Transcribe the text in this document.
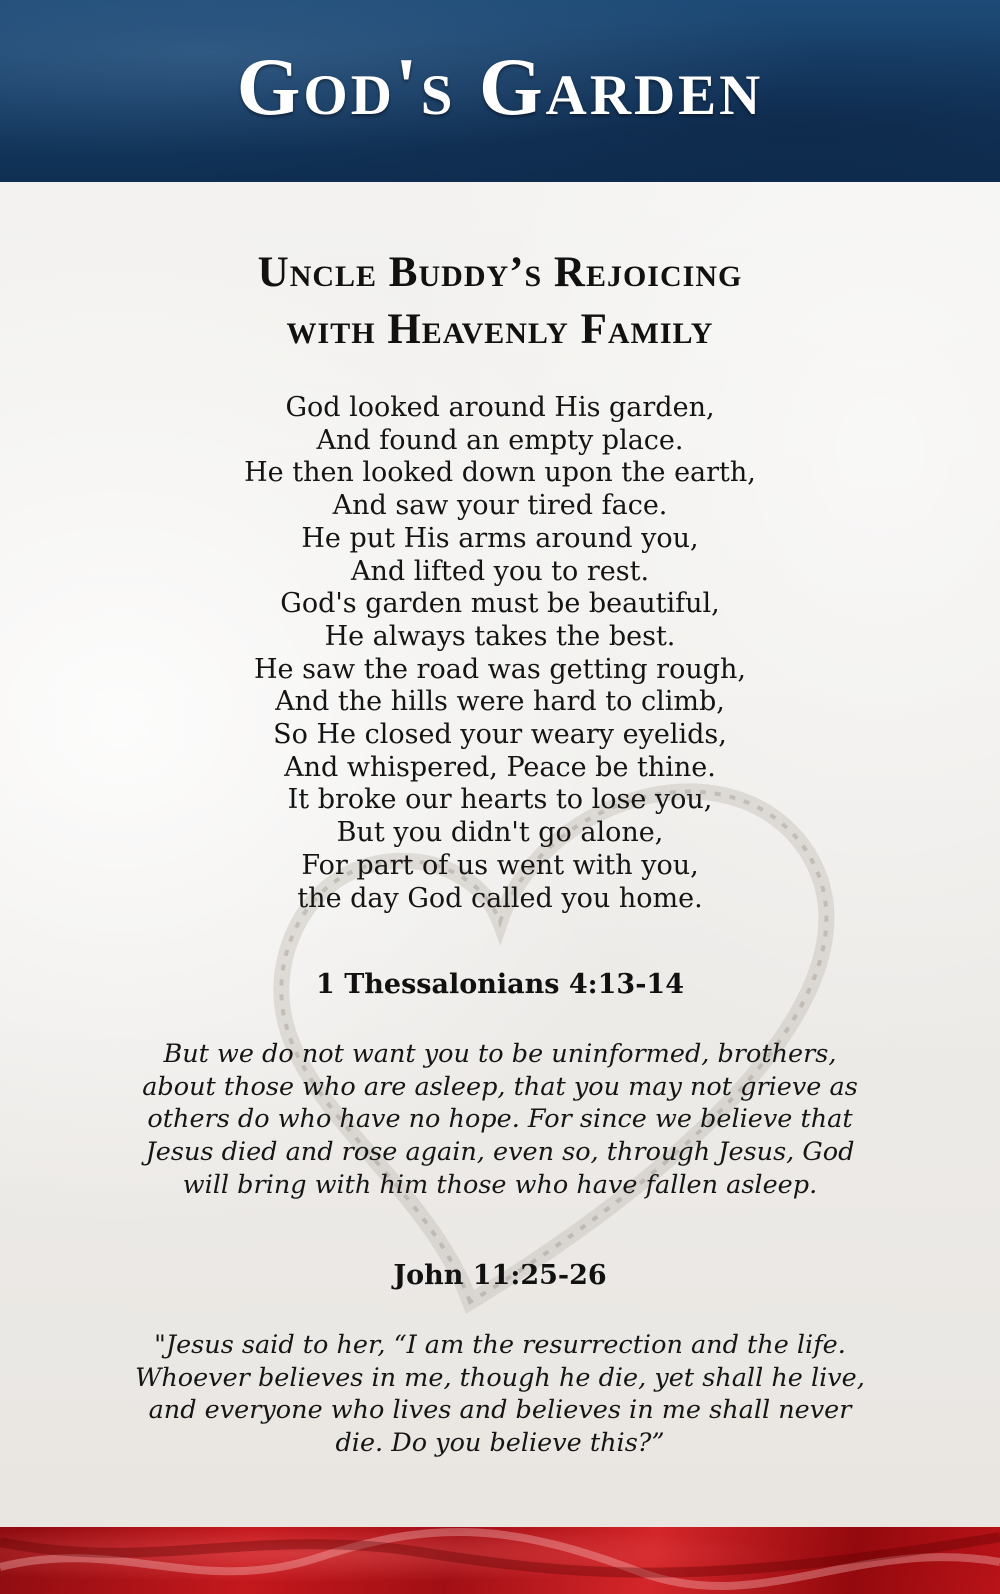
God's Garden
Uncle Buddy’s Rejoicing
with Heavenly Family
God looked around His garden,
And found an empty place.
He then looked down upon the earth,
And saw your tired face.
He put His arms around you,
And lifted you to rest.
God's garden must be beautiful,
He always takes the best.
He saw the road was getting rough,
And the hills were hard to climb,
So He closed your weary eyelids,
And whispered, Peace be thine.
It broke our hearts to lose you,
But you didn't go alone,
For part of us went with you,
the day God called you home.
1 Thessalonians 4:13-14
But we do not want you to be uninformed, brothers,
about those who are asleep, that you may not grieve as
others do who have no hope. For since we believe that
Jesus died and rose again, even so, through Jesus, God
will bring with him those who have fallen asleep.
John 11:25-26
"Jesus said to her, “I am the resurrection and the life.
Whoever believes in me, though he die, yet shall he live,
and everyone who lives and believes in me shall never
die. Do you believe this?”
